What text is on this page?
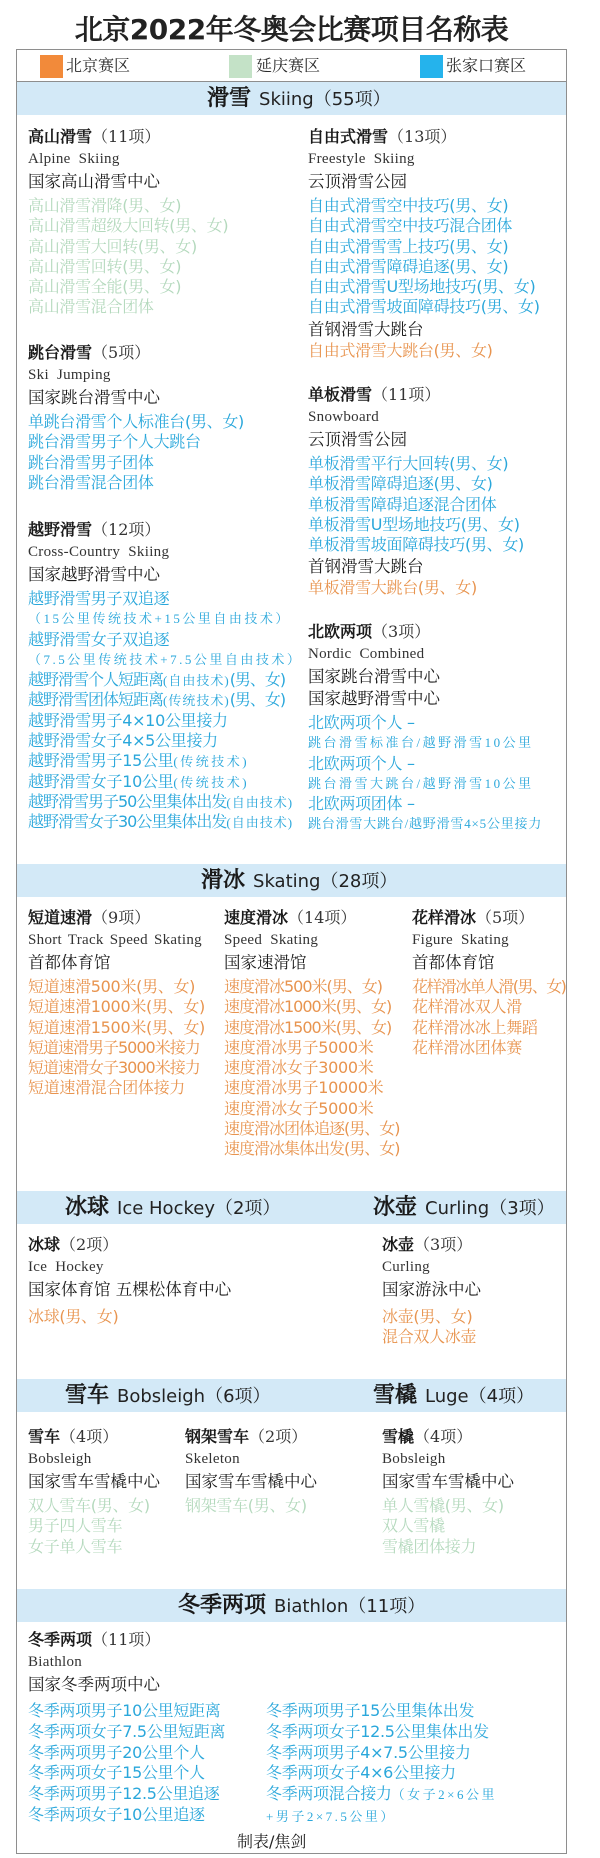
北京2022年冬奥会比赛项目名称表
北京赛区	延庆赛区	张家口赛区
滑雪 Skiing（55项）
高山滑雪（11项）
Alpine Skiing
国家高山滑雪中心
高山滑雪滑降(男、女)
高山滑雪超级大回转(男、女)
高山滑雪大回转(男、女)
高山滑雪回转(男、女)
高山滑雪全能(男、女)
高山滑雪混合团体
跳台滑雪（5项）
Ski Jumping
国家跳台滑雪中心
单跳台滑雪个人标准台(男、女)
跳台滑雪男子个人大跳台
跳台滑雪男子团体
跳台滑雪混合团体
越野滑雪（12项）
Cross-Country Skiing
国家越野滑雪中心
越野滑雪男子双追逐
（15公里传统技术+15公里自由技术）
越野滑雪女子双追逐
（7.5公里传统技术+7.5公里自由技术）
越野滑雪个人短距离(自由技术)(男、女)
越野滑雪团体短距离(传统技术)(男、女)
越野滑雪男子4×10公里接力
越野滑雪女子4×5公里接力
越野滑雪男子15公里(传统技术)
越野滑雪女子10公里(传统技术)
越野滑雪男子50公里集体出发(自由技术)
越野滑雪女子30公里集体出发(自由技术)
自由式滑雪（13项）
Freestyle Skiing
云顶滑雪公园
自由式滑雪空中技巧(男、女)
自由式滑雪空中技巧混合团体
自由式滑雪雪上技巧(男、女)
自由式滑雪障碍追逐(男、女)
自由式滑雪U型场地技巧(男、女)
自由式滑雪坡面障碍技巧(男、女)
首钢滑雪大跳台
自由式滑雪大跳台(男、女)
单板滑雪（11项）
Snowboard
云顶滑雪公园
单板滑雪平行大回转(男、女)
单板滑雪障碍追逐(男、女)
单板滑雪障碍追逐混合团体
单板滑雪U型场地技巧(男、女)
单板滑雪坡面障碍技巧(男、女)
首钢滑雪大跳台
单板滑雪大跳台(男、女)
北欧两项（3项）
Nordic Combined
国家跳台滑雪中心
国家越野滑雪中心
北欧两项个人 –
跳台滑雪标准台/越野滑雪10公里
北欧两项个人 –
跳台滑雪大跳台/越野滑雪10公里
北欧两项团体 –
跳台滑雪大跳台/越野滑雪4×5公里接力
滑冰 Skating（28项）
短道速滑（9项）
Short Track Speed Skating
首都体育馆
短道速滑500米(男、女)
短道速滑1000米(男、女)
短道速滑1500米(男、女)
短道速滑男子5000米接力
短道速滑女子3000米接力
短道速滑混合团体接力
速度滑冰（14项）
Speed Skating
国家速滑馆
速度滑冰500米(男、女)
速度滑冰1000米(男、女)
速度滑冰1500米(男、女)
速度滑冰男子5000米
速度滑冰女子3000米
速度滑冰男子10000米
速度滑冰女子5000米
速度滑冰团体追逐(男、女)
速度滑冰集体出发(男、女)
花样滑冰（5项）
Figure Skating
首都体育馆
花样滑冰单人滑(男、女)
花样滑冰双人滑
花样滑冰冰上舞蹈
花样滑冰团体赛
冰球 Ice Hockey（2项）	冰壶 Curling（3项）
冰球（2项）
Ice Hockey
国家体育馆 五棵松体育中心
冰球(男、女)
冰壶（3项）
Curling
国家游泳中心
冰壶(男、女)
混合双人冰壶
雪车 Bobsleigh（6项）	雪橇 Luge（4项）
雪车（4项）
Bobsleigh
国家雪车雪橇中心
双人雪车(男、女)
男子四人雪车
女子单人雪车
钢架雪车（2项）
Skeleton
国家雪车雪橇中心
钢架雪车(男、女)
雪橇（4项）
Bobsleigh
国家雪车雪橇中心
单人雪橇(男、女)
双人雪橇
雪橇团体接力
冬季两项 Biathlon（11项）
冬季两项（11项）
Biathlon
国家冬季两项中心
冬季两项男子10公里短距离
冬季两项女子7.5公里短距离
冬季两项男子20公里个人
冬季两项女子15公里个人
冬季两项男子12.5公里追逐
冬季两项女子10公里追逐
冬季两项男子15公里集体出发
冬季两项女子12.5公里集体出发
冬季两项男子4×7.5公里接力
冬季两项女子4×6公里接力
冬季两项混合接力（女子2×6公里+男子2×7.5公里）
制表/焦剑
